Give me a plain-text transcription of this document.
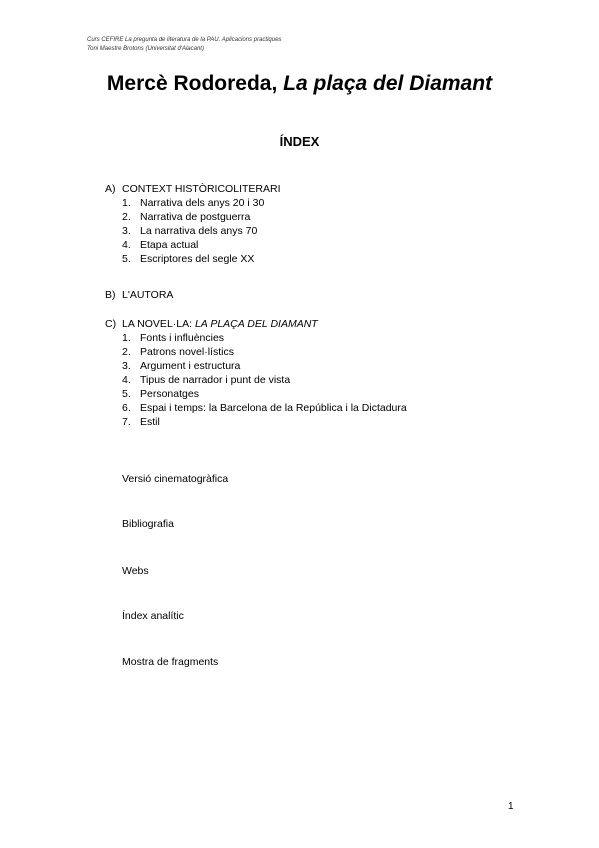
Curs CEFIRE La pregunta de literatura de la PAU. Aplicacions practiques
Toni Maestre Brotons (Universitat d'Alacant)
Mercè Rodoreda, La plaça del Diamant
ÍNDEX
A) CONTEXT HISTÒRICOLITERARI
1. Narrativa dels anys 20 i 30
2. Narrativa de postguerra
3. La narrativa dels anys 70
4. Etapa actual
5. Escriptores del segle XX
B) L'AUTORA
C) LA NOVEL·LA: LA PLAÇA DEL DIAMANT
1. Fonts i influències
2. Patrons novel·lístics
3. Argument i estructura
4. Tipus de narrador i punt de vista
5. Personatges
6. Espai i temps: la Barcelona de la República i la Dictadura
7. Estil
Versió cinematogràfica
Bibliografia
Webs
Índex analític
Mostra de fragments
1
